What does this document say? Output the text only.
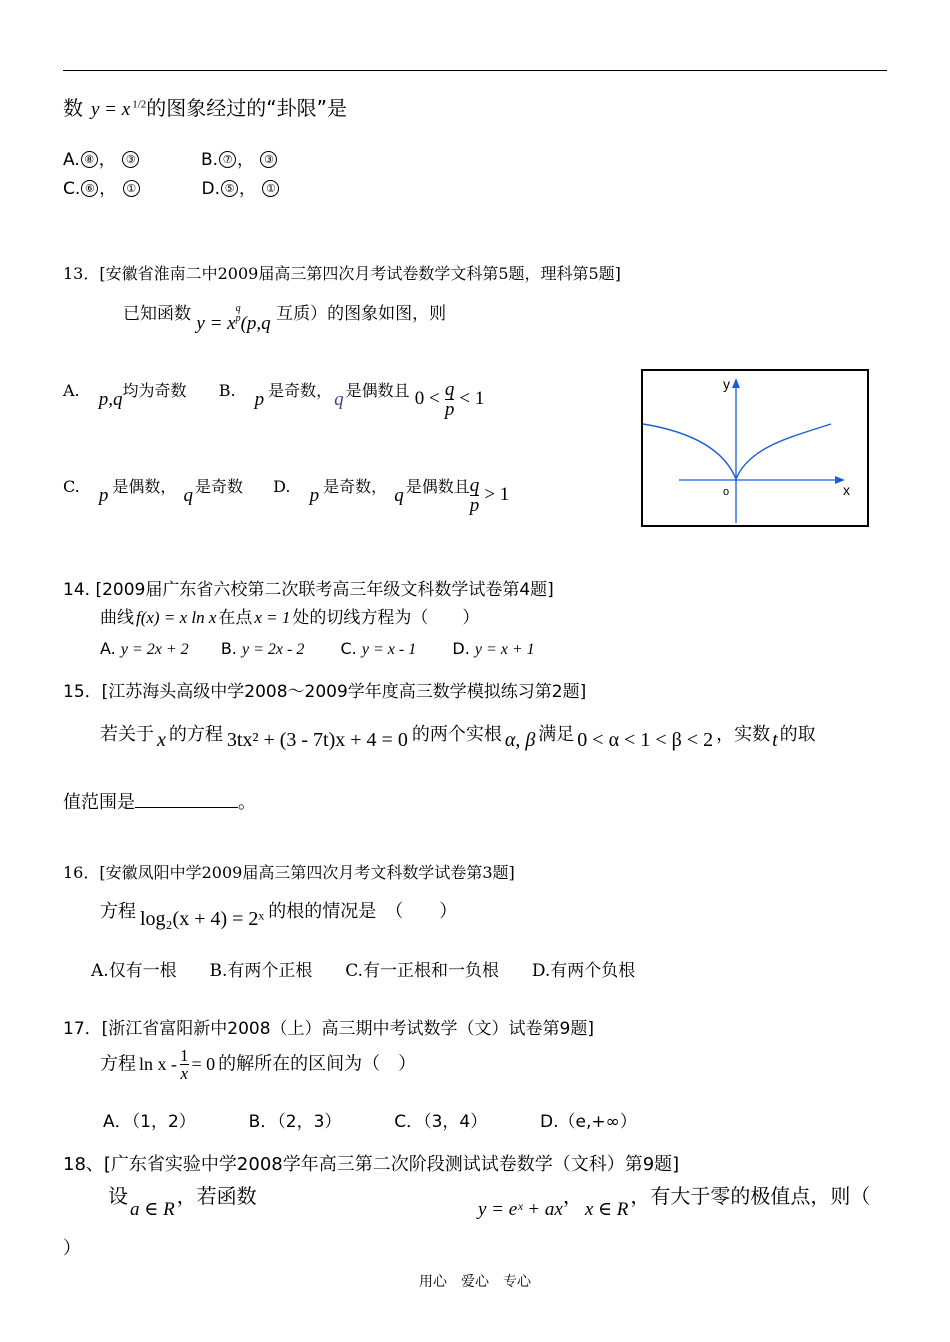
数 y = x $^{1/2}$的图象经过的“卦限”是
A. ⑧ ， ③	B. ⑦ ， ③
C. ⑥ ， ①	D. ⑤ ， ①
13．[安徽省淮南二中2009届高三第四次月考试卷数学文科第5题，理科第5题]
已知函数 y = x
q
p (p,q 互质）的图象如图，则
A. p,q均为奇数 B. p 是奇数， q 是偶数且 $0 < \frac{q}{p} < 1$
C. p 是偶数， q 是奇数 D. p 是奇数， q 是偶数且 $\frac{q}{p} > 1$
y
x
o
14. [2009届广东省六校第二次联考高三年级文科数学试卷第4题]
曲线 f(x) = x ln x 在点 x = 1 处的切线方程为（　　）
A. y = 2x + 2 B. y = 2x - 2 C. y = x - 1 D. y = x + 1
15．[江苏海头高级中学2008～2009学年度高三数学模拟练习第2题]
若关于 x 的方程 3tx² + (3 - 7t)x + 4 = 0 的两个实根 α, β 满足 0 < α < 1 < β < 2 ，实数 t 的取
值范围是	。
16．[安徽凤阳中学2009届高三第四次月考文科数学试卷第3题]
方程 log₂(x + 4) = 2ˣ 的根的情况是　（　　）
A.仅有一根 B.有两个正根 C.有一正根和一负根 D.有两个负根
17．[浙江省富阳新中2008（上）高三期中考试数学（文）试卷第9题]
方程 $\ln x - \frac{1}{x} = 0$ 的解所在的区间为（　）
A．（1，2）	B．（2，3）	C．（3，4）	D.（e,+∞）
18、[广东省实验中学2008学年高三第二次阶段测试试卷数学（文科）第9题]
设a ∈ R，若函数
y = eˣ + ax，x ∈ R，有大于零的极值点，则（
）
用心　爱心　专心
